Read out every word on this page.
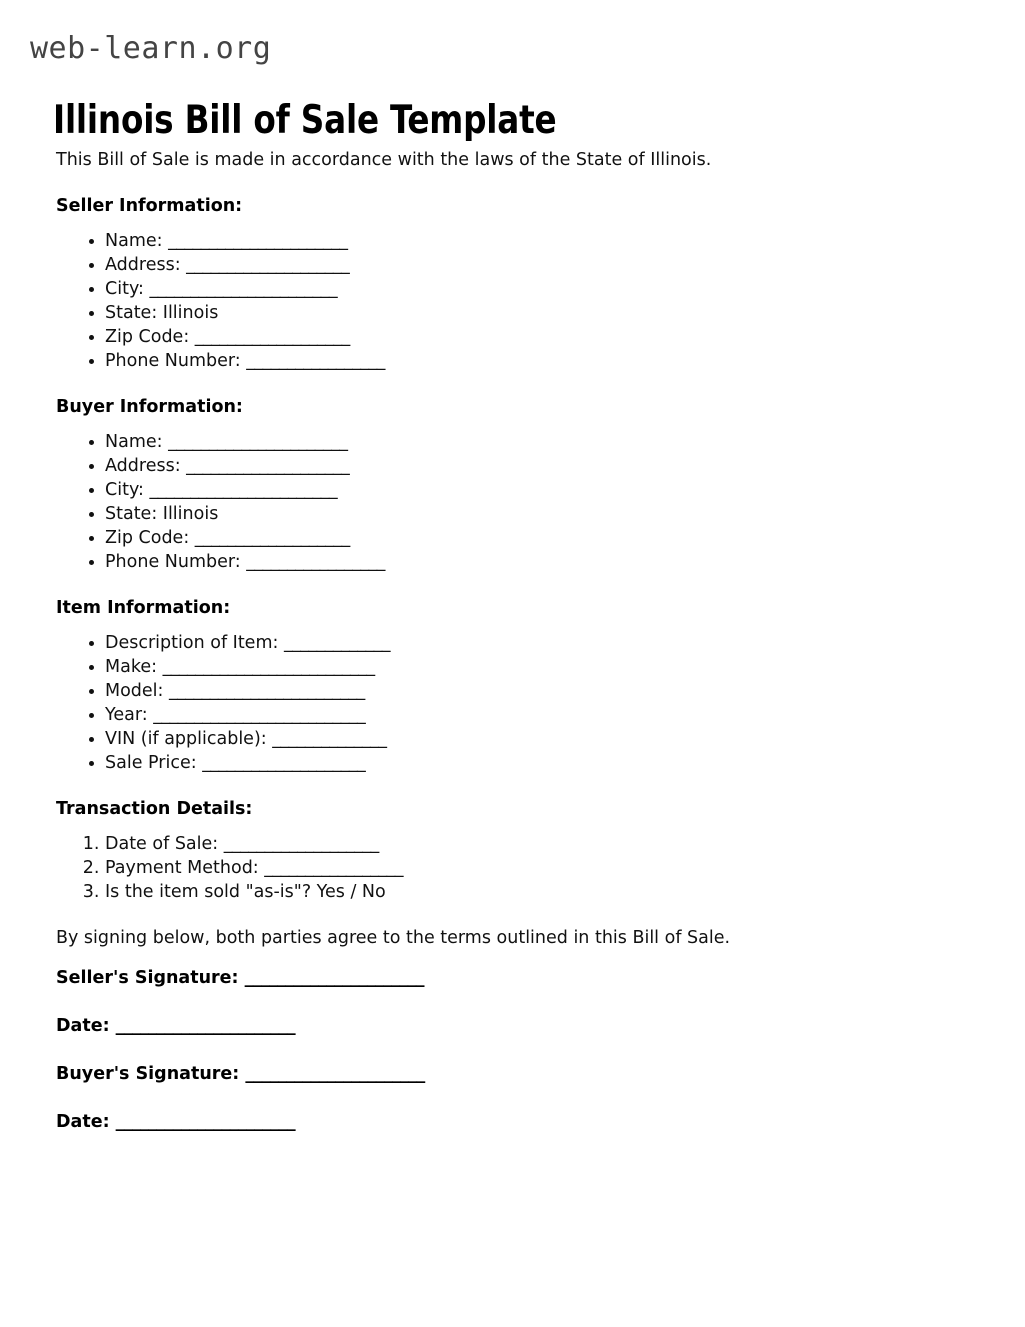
web-learn.org
Illinois Bill of Sale Template

This Bill of Sale is made in accordance with the laws of the State of Illinois.

Seller Information:
• Name: ______________________
• Address: ____________________
• City: _______________________
• State: Illinois
• Zip Code: ___________________
• Phone Number: _________________
Buyer Information:
• Name: ______________________
• Address: ____________________
• City: _______________________
• State: Illinois
• Zip Code: ___________________
• Phone Number: _________________
Item Information:
• Description of Item: _____________
• Make: __________________________
• Model: ________________________
• Year: __________________________
• VIN (if applicable): ______________
• Sale Price: ____________________
Transaction Details:
1. Date of Sale: ___________________
2. Payment Method: _________________
3. Is the item sold "as-is"? Yes / No

By signing below, both parties agree to the terms outlined in this Bill of Sale.

Seller's Signature: ______________________

Date: ______________________

Buyer's Signature: ______________________

Date: ______________________
